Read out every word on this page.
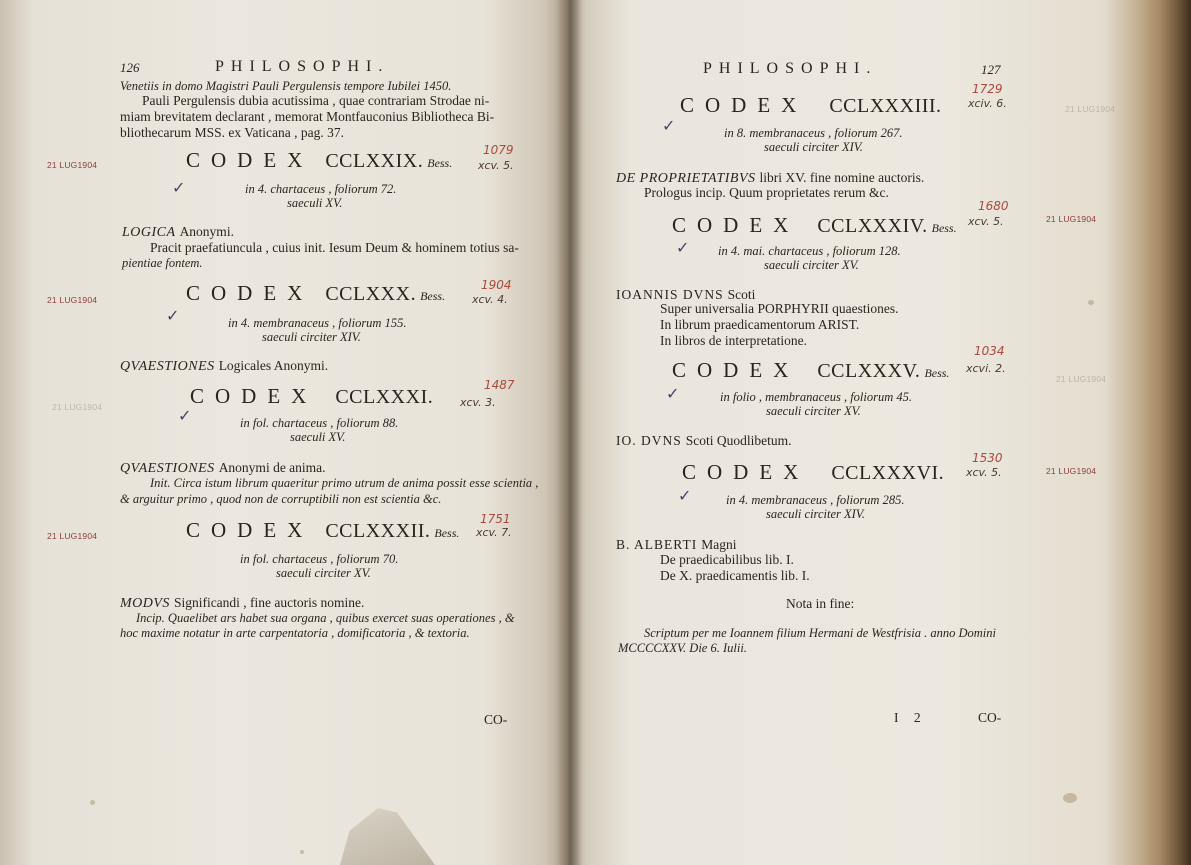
126	PHILOSOPHI.
Venetiis in domo Magistri Pauli Pergulensis tempore Iubilei 1450.
Pauli Pergulensis dubia acutissima , quae contrariam Strodae ni-
miam brevitatem declarant , memorat Montfauconius Bibliotheca Bi-
bliothecarum MSS. ex Vaticana , pag. 37.
21 LUG1904
21 LUG1904
21 LUG1904
21 LUG1904
CODEX CCLXXIX. Bess.
1079
xcv. 5.
✓	in 4. chartaceus , foliorum 72.
saeculi XV.
LOGICA Anonymi.
Pracit praefatiuncula , cuius init. Iesum Deum & hominem totius sa-
pientiae fontem.
CODEX CCLXXX. Bess.
1904
xcv. 4.
✓	in 4. membranaceus , foliorum 155.
saeculi circiter XIV.
QVAESTIONES Logicales Anonymi.
CODEX CCLXXXI.
1487
xcv. 3.
✓	in fol. chartaceus , foliorum 88.
saeculi XV.
QVAESTIONES Anonymi de anima.
Init. Circa istum librum quaeritur primo utrum de anima possit esse scientia ,
& arguitur primo , quod non de corruptibili non est scientia &c.
CODEX CCLXXXII. Bess.
1751
xcv. 7.
in fol. chartaceus , foliorum 70.
saeculi circiter XV.
MODVS Significandi , fine auctoris nomine.
Incip. Quaelibet ars habet sua organa , quibus exercet suas operationes , &
hoc maxime notatur in arte carpentatoria , domificatoria , & textoria.
CO-
PHILOSOPHI.	127
21 LUG1904
21 LUG1904
21 LUG1904
21 LUG1904
CODEX CCLXXXIII.
1729
xciv. 6.
✓	in 8. membranaceus , foliorum 267.
saeculi circiter XIV.
DE PROPRIETATIBVS libri XV. fine nomine auctoris.
Prologus incip. Quum proprietates rerum &c.
CODEX CCLXXXIV. Bess.
1680
xcv. 5.
✓ in 4. mai. chartaceus , foliorum 128.
saeculi circiter XV.
IOANNIS DVNS Scoti
Super universalia PORPHYRII quaestiones.
In librum praedicamentorum ARIST.
In libros de interpretatione.
CODEX CCLXXXV. Bess.
1034
xcvi. 2.
✓	in folio , membranaceus , foliorum 45.
saeculi circiter XV.
IO. DVNS Scoti Quodlibetum.
CODEX CCLXXXVI.
1530
xcv. 5.
✓	in 4. membranaceus , foliorum 285.
saeculi circiter XIV.
B. ALBERTI Magni
De praedicabilibus lib. I.
De X. praedicamentis lib. I.
Nota in fine:
Scriptum per me Ioannem filium Hermani de Westfrisia . anno Domini
MCCCCXXV. Die 6. Iulii.
I 2	CO-
